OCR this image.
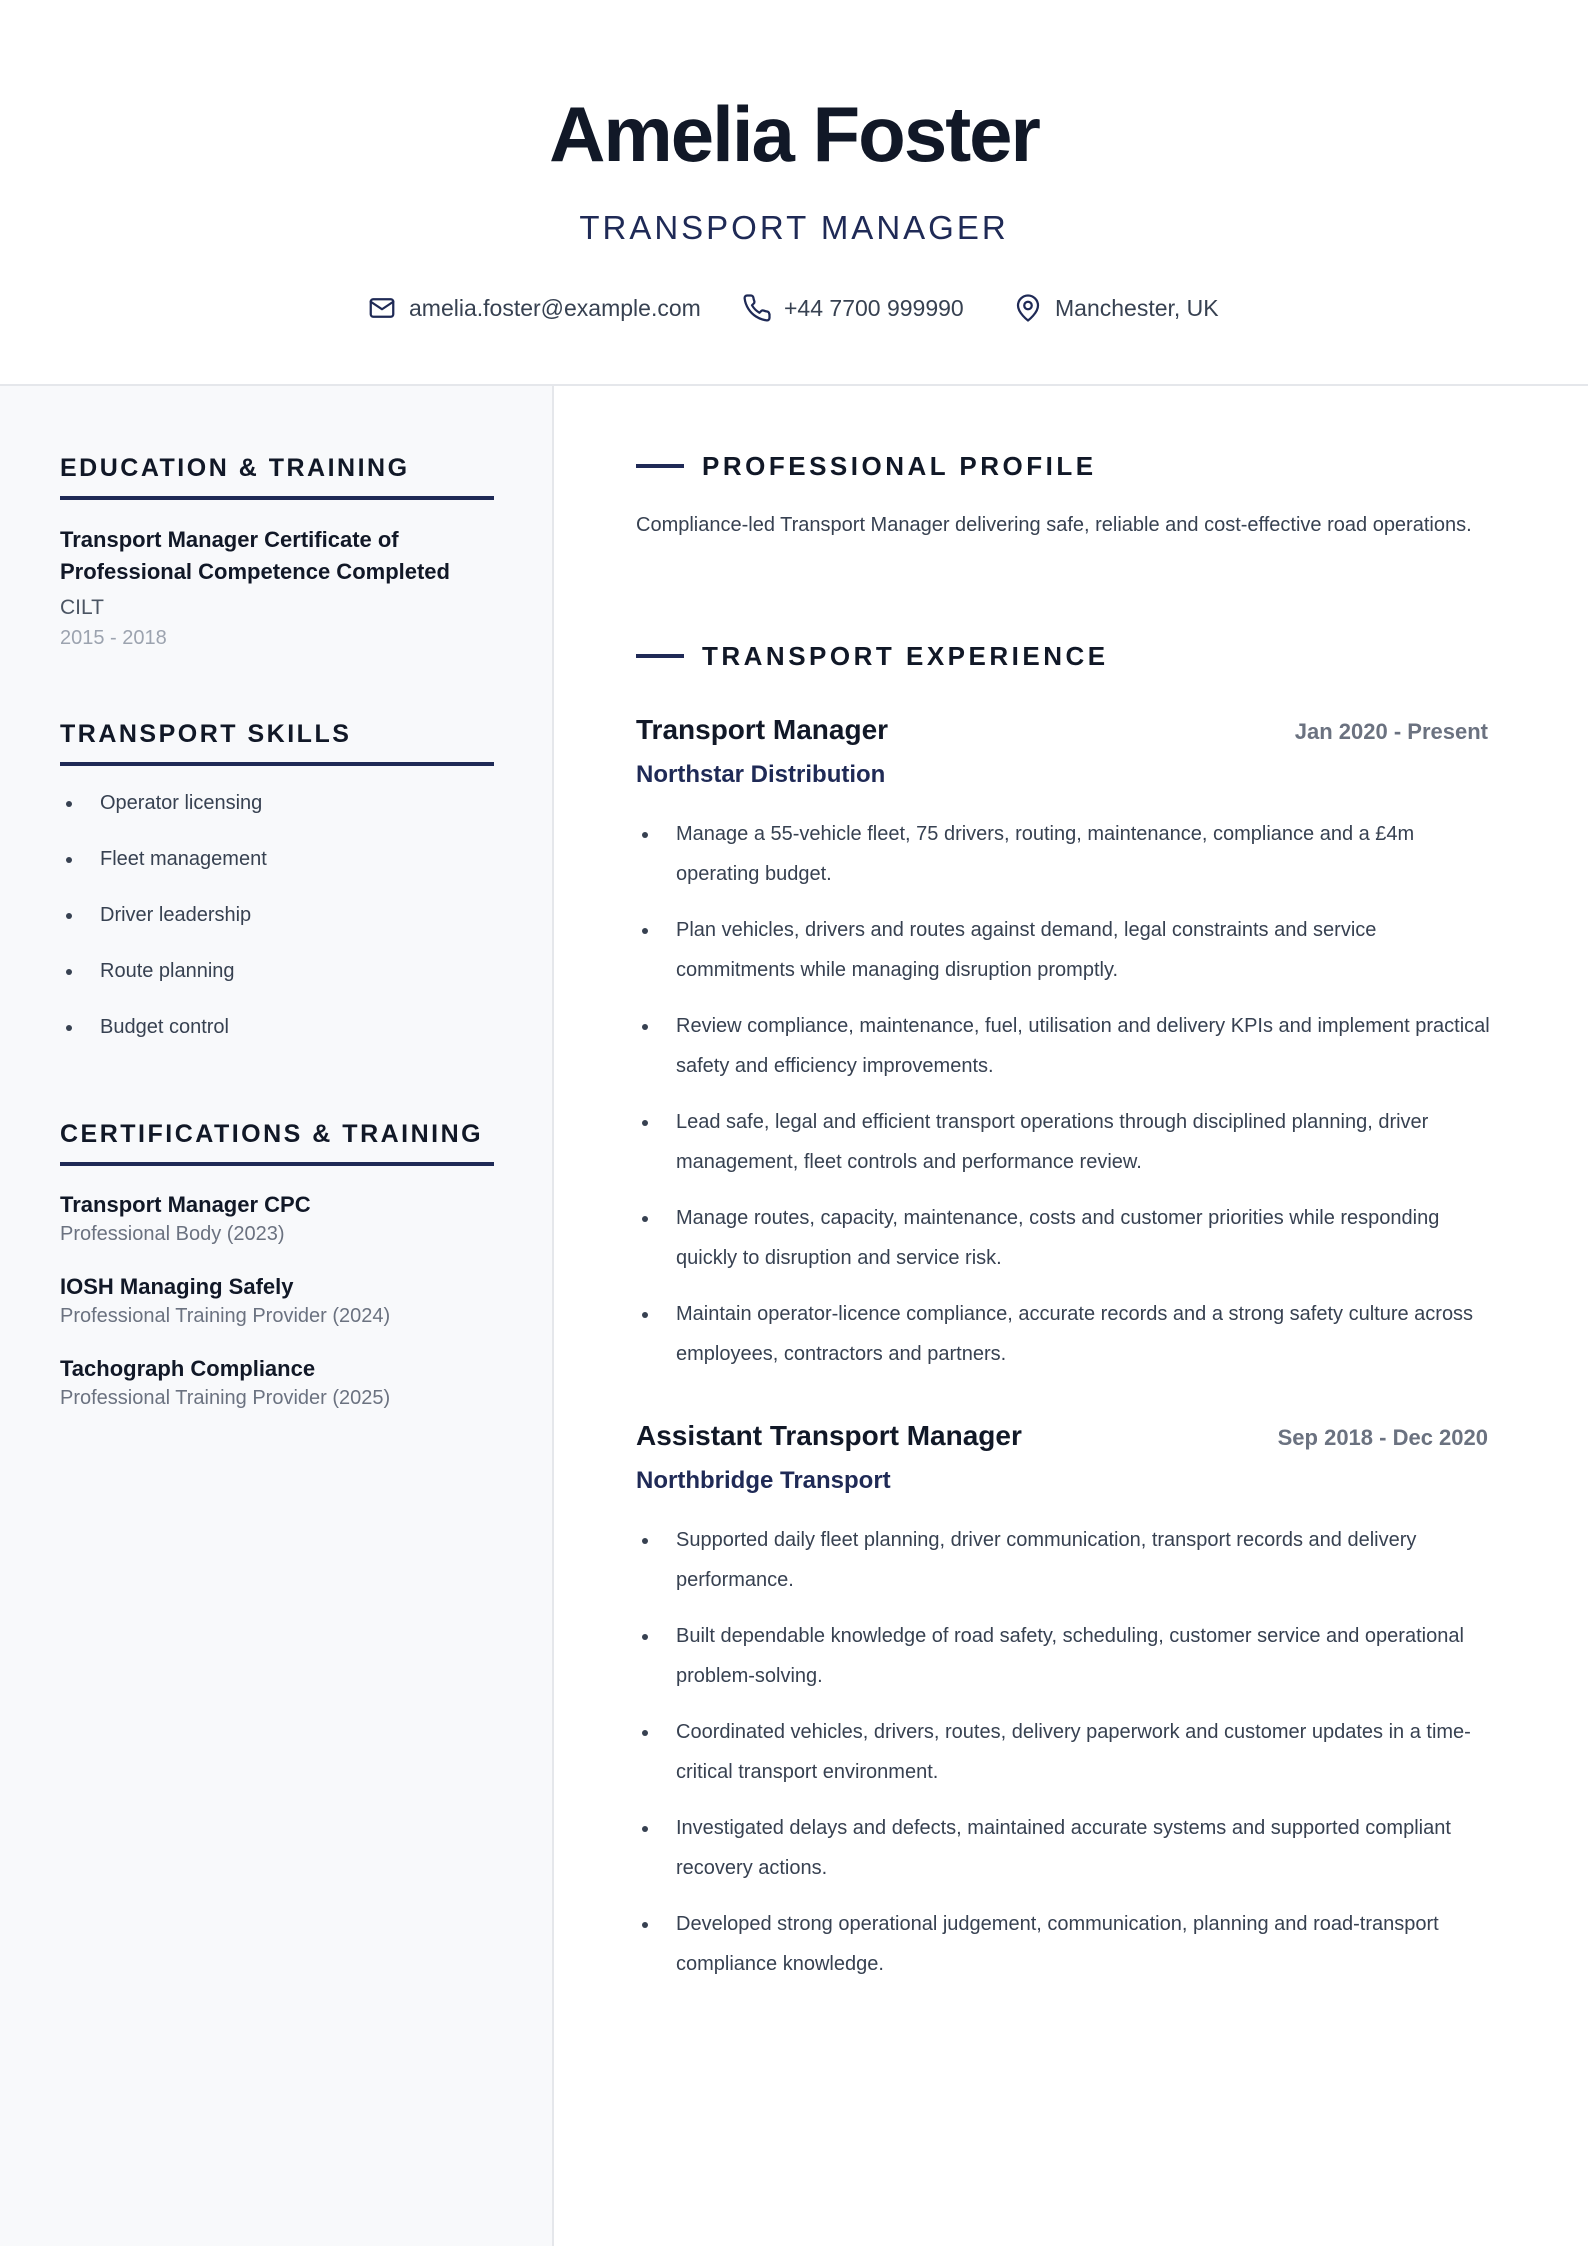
Amelia Foster
TRANSPORT MANAGER
amelia.foster@example.com	+44 7700 999990	Manchester, UK
EDUCATION & TRAINING
Transport Manager Certificate of Professional Competence Completed
CILT
2015 - 2018
TRANSPORT SKILLS
Operator licensing
Fleet management
Driver leadership
Route planning
Budget control
CERTIFICATIONS & TRAINING
Transport Manager CPC
Professional Body (2023)
IOSH Managing Safely
Professional Training Provider (2024)
Tachograph Compliance
Professional Training Provider (2025)
PROFESSIONAL PROFILE
Compliance-led Transport Manager delivering safe, reliable and cost-effective road operations.
TRANSPORT EXPERIENCE
Transport Manager	Jan 2020 - Present
Northstar Distribution
Manage a 55-vehicle fleet, 75 drivers, routing, maintenance, compliance and a £4m operating budget.
Plan vehicles, drivers and routes against demand, legal constraints and service commitments while managing disruption promptly.
Review compliance, maintenance, fuel, utilisation and delivery KPIs and implement practical safety and efficiency improvements.
Lead safe, legal and efficient transport operations through disciplined planning, driver management, fleet controls and performance review.
Manage routes, capacity, maintenance, costs and customer priorities while responding quickly to disruption and service risk.
Maintain operator-licence compliance, accurate records and a strong safety culture across employees, contractors and partners.
Assistant Transport Manager	Sep 2018 - Dec 2020
Northbridge Transport
Supported daily fleet planning, driver communication, transport records and delivery performance.
Built dependable knowledge of road safety, scheduling, customer service and operational problem-solving.
Coordinated vehicles, drivers, routes, delivery paperwork and customer updates in a time-critical transport environment.
Investigated delays and defects, maintained accurate systems and supported compliant recovery actions.
Developed strong operational judgement, communication, planning and road-transport compliance knowledge.
